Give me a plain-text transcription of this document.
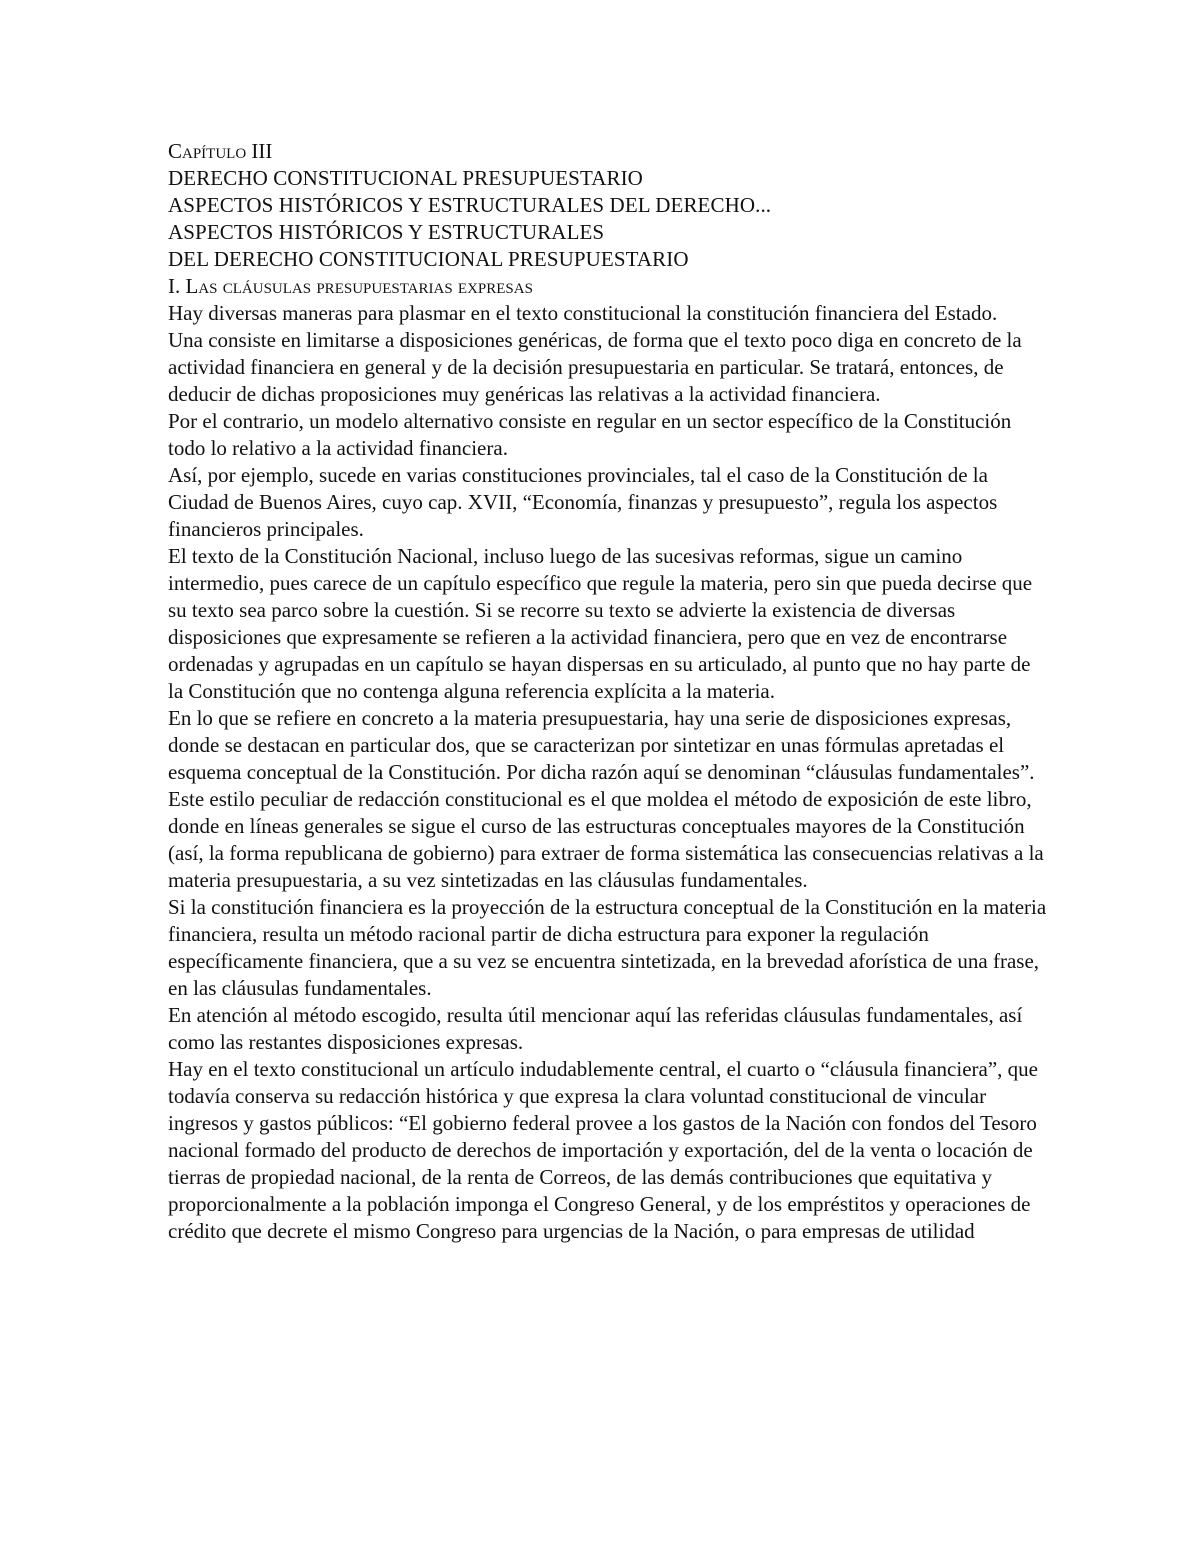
Capítulo III
DERECHO CONSTITUCIONAL PRESUPUESTARIO
ASPECTOS HISTÓRICOS Y ESTRUCTURALES DEL DERECHO...
ASPECTOS HISTÓRICOS Y ESTRUCTURALES
DEL DERECHO CONSTITUCIONAL PRESUPUESTARIO
I. Las cláusulas presupuestarias expresas

Hay diversas maneras para plasmar en el texto constitucional la constitución financiera del Estado.

Una consiste en limitarse a disposiciones genéricas, de forma que el texto poco diga en concreto de la actividad financiera en general y de la decisión presupuestaria en particular. Se tratará, entonces, de deducir de dichas proposiciones muy genéricas las relativas a la actividad financiera.

Por el contrario, un modelo alternativo consiste en regular en un sector específico de la Constitución todo lo relativo a la actividad financiera.

Así, por ejemplo, sucede en varias constituciones provinciales, tal el caso de la Constitución de la Ciudad de Buenos Aires, cuyo cap. XVII, “Economía, finanzas y presupuesto”, regula los aspectos financieros principales.

El texto de la Constitución Nacional, incluso luego de las sucesivas reformas, sigue un camino intermedio, pues carece de un capítulo específico que regule la materia, pero sin que pueda decirse que su texto sea parco sobre la cuestión. Si se recorre su texto se advierte la existencia de diversas disposiciones que expresamente se refieren a la actividad financiera, pero que en vez de encontrarse ordenadas y agrupadas en un capítulo se hayan dispersas en su articulado, al punto que no hay parte de la Constitución que no contenga alguna referencia explícita a la materia.

En lo que se refiere en concreto a la materia presupuestaria, hay una serie de disposiciones expresas, donde se destacan en particular dos, que se caracterizan por sintetizar en unas fórmulas apretadas el esquema conceptual de la Constitución. Por dicha razón aquí se denominan “cláusulas fundamentales”.

Este estilo peculiar de redacción constitucional es el que moldea el método de exposición de este libro, donde en líneas generales se sigue el curso de las estructuras conceptuales mayores de la Constitución (así, la forma republicana de gobierno) para extraer de forma sistemática las consecuencias relativas a la materia presupuestaria, a su vez sintetizadas en las cláusulas fundamentales.

Si la constitución financiera es la proyección de la estructura conceptual de la Constitución en la materia financiera, resulta un método racional partir de dicha estructura para exponer la regulación específicamente financiera, que a su vez se encuentra sintetizada, en la brevedad aforística de una frase, en las cláusulas fundamentales.

En atención al método escogido, resulta útil mencionar aquí las referidas cláusulas fundamentales, así como las restantes disposiciones expresas.

Hay en el texto constitucional un artículo indudablemente central, el cuarto o “cláusula financiera”, que todavía conserva su redacción histórica y que expresa la clara voluntad constitucional de vincular ingresos y gastos públicos: “El gobierno federal provee a los gastos de la Nación con fondos del Tesoro nacional formado del producto de derechos de importación y exportación, del de la venta o locación de tierras de propiedad nacional, de la renta de Correos, de las demás contribuciones que equitativa y proporcionalmente a la población imponga el Congreso General, y de los empréstitos y operaciones de crédito que decrete el mismo Congreso para urgencias de la Nación, o para empresas de utilidad
